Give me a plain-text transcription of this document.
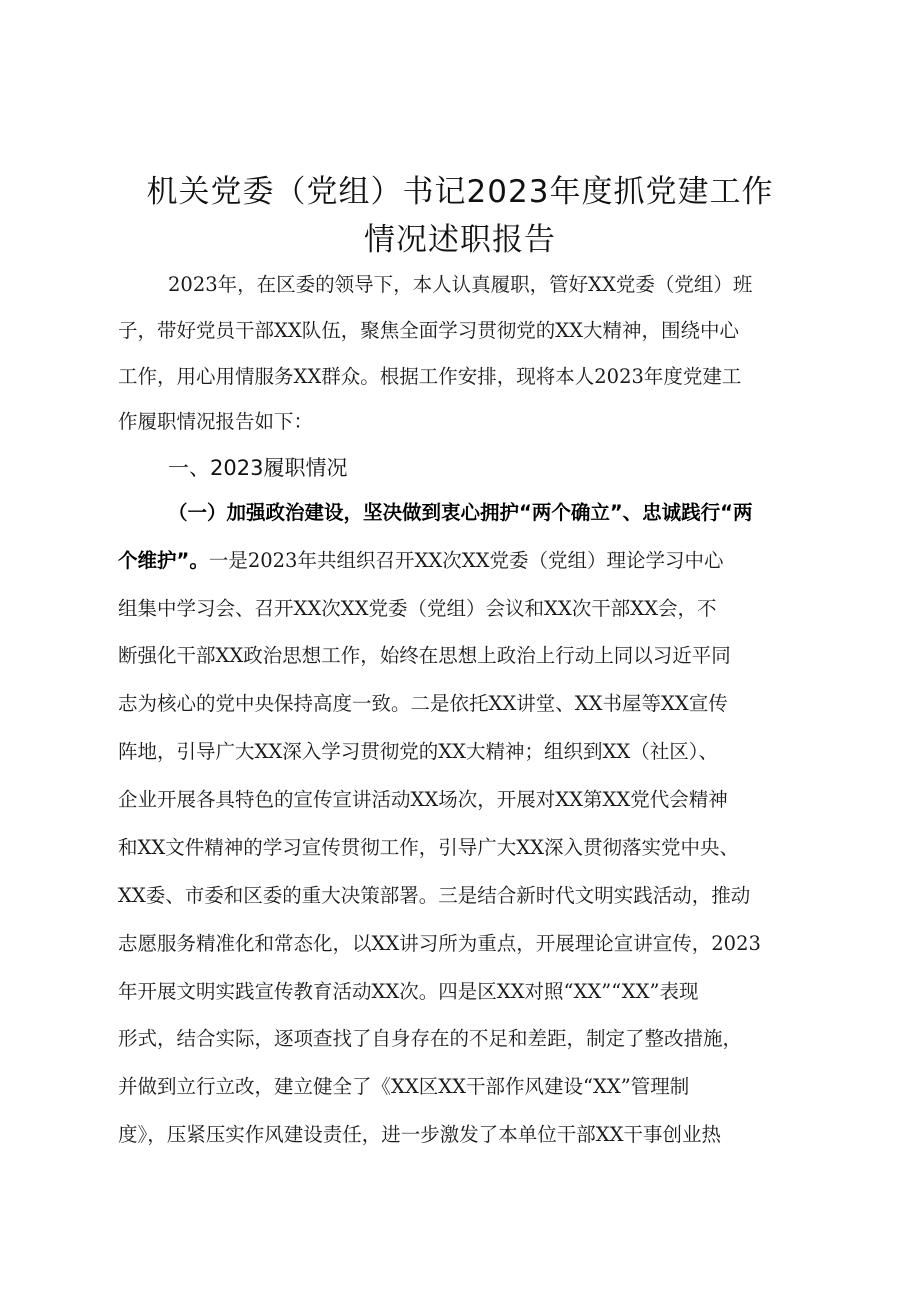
机关党委（党组）书记2023年度抓党建工作
情况述职报告
2023年，在区委的领导下，本人认真履职，管好XX党委（党组）班
子，带好党员干部XX队伍，聚焦全面学习贯彻党的XX大精神，围绕中心
工作，用心用情服务XX群众。根据工作安排，现将本人2023年度党建工
作履职情况报告如下：
一、2023履职情况
（一）加强政治建设，坚决做到衷心拥护“两个确立”、忠诚践行“两
个维护”。一是2023年共组织召开XX次XX党委（党组）理论学习中心
组集中学习会、召开XX次XX党委（党组）会议和XX次干部XX会，不
断强化干部XX政治思想工作，始终在思想上政治上行动上同以习近平同
志为核心的党中央保持高度一致。二是依托XX讲堂、XX书屋等XX宣传
阵地，引导广大XX深入学习贯彻党的XX大精神；组织到XX（社区）、
企业开展各具特色的宣传宣讲活动XX场次，开展对XX第XX党代会精神
和XX文件精神的学习宣传贯彻工作，引导广大XX深入贯彻落实党中央、
XX委、市委和区委的重大决策部署。三是结合新时代文明实践活动，推动
志愿服务精准化和常态化，以XX讲习所为重点，开展理论宣讲宣传，2023
年开展文明实践宣传教育活动XX次。四是区XX对照“XX”“XX”表现
形式，结合实际，逐项查找了自身存在的不足和差距，制定了整改措施，
并做到立行立改，建立健全了《XX区XX干部作风建设“XX”管理制
度》，压紧压实作风建设责任，进一步激发了本单位干部XX干事创业热
